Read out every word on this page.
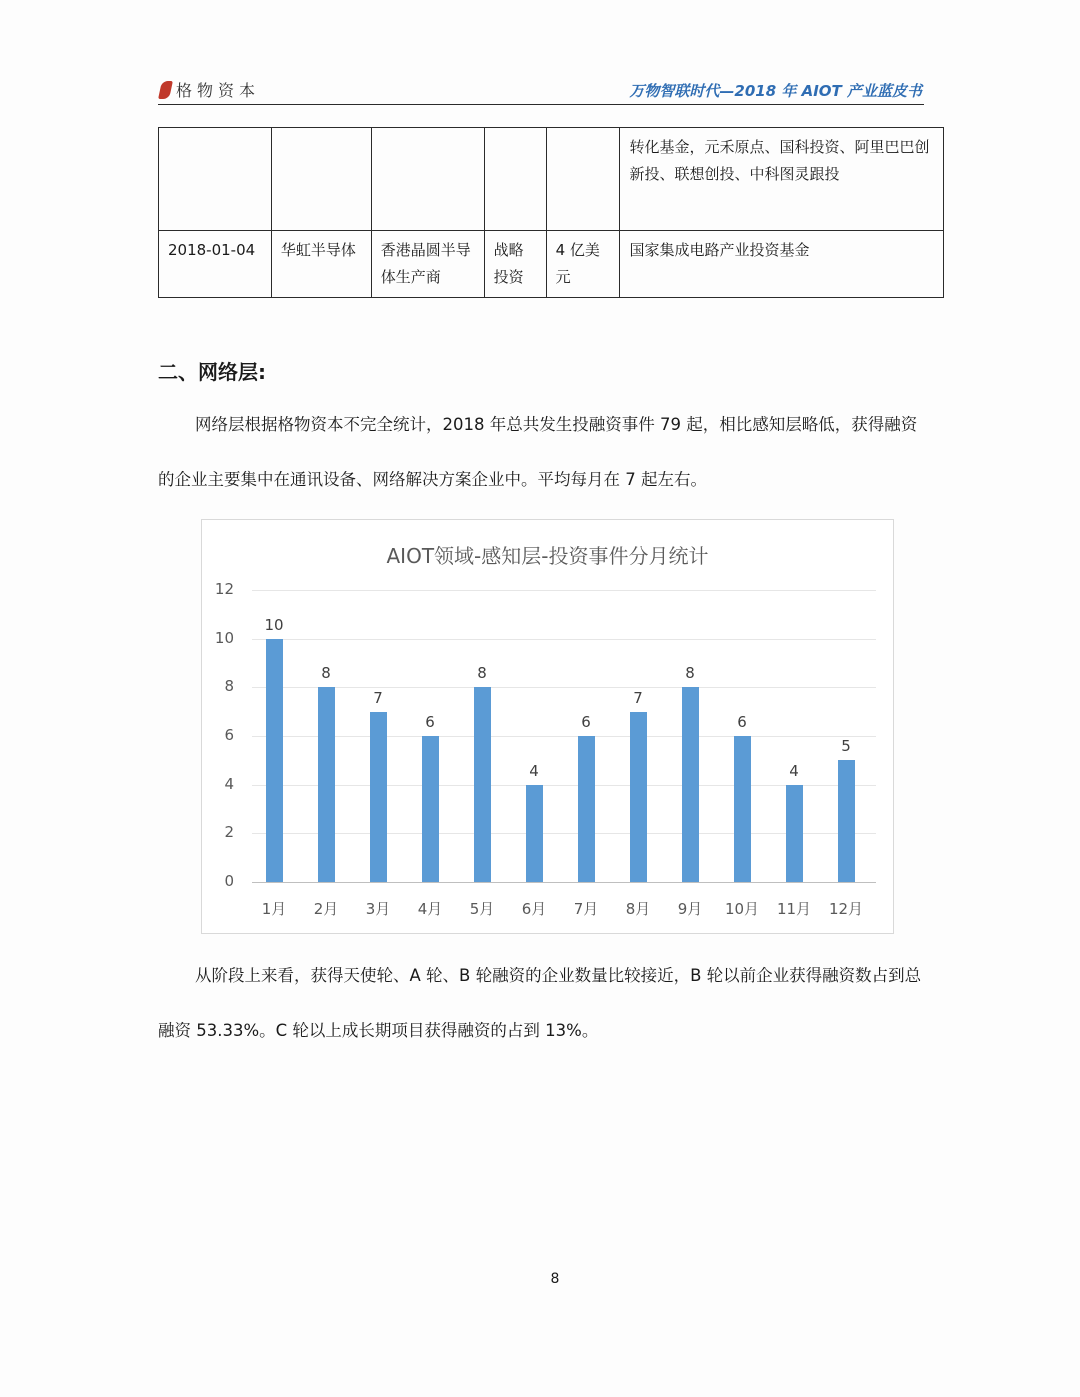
格物资本	万物智联时代—2018 年 AIOT 产业蓝皮书
					转化基金，元禾原点、国科投资、阿里巴巴创新投、联想创投、中科图灵跟投
2018-01-04	华虹半导体	香港晶圆半导体生产商	战略投资	4 亿美元	国家集成电路产业投资基金
二、网络层:

网络层根据格物资本不完全统计，2018 年总共发生投融资事件 79 起，相比感知层略低，获得融资的企业主要集中在通讯设备、网络解决方案企业中。平均每月在 7 起左右。

AIOT领域-感知层-投资事件分月统计
0
2
4
6
8
10
12
10
1月
8
2月
7
3月
6
4月
8
5月
4
6月
6
7月
7
8月
8
9月
6
10月
4
11月
5
12月

从阶段上来看，获得天使轮、A 轮、B 轮融资的企业数量比较接近，B 轮以前企业获得融资数占到总融资 53.33%。C 轮以上成长期项目获得融资的占到 13%。

8
